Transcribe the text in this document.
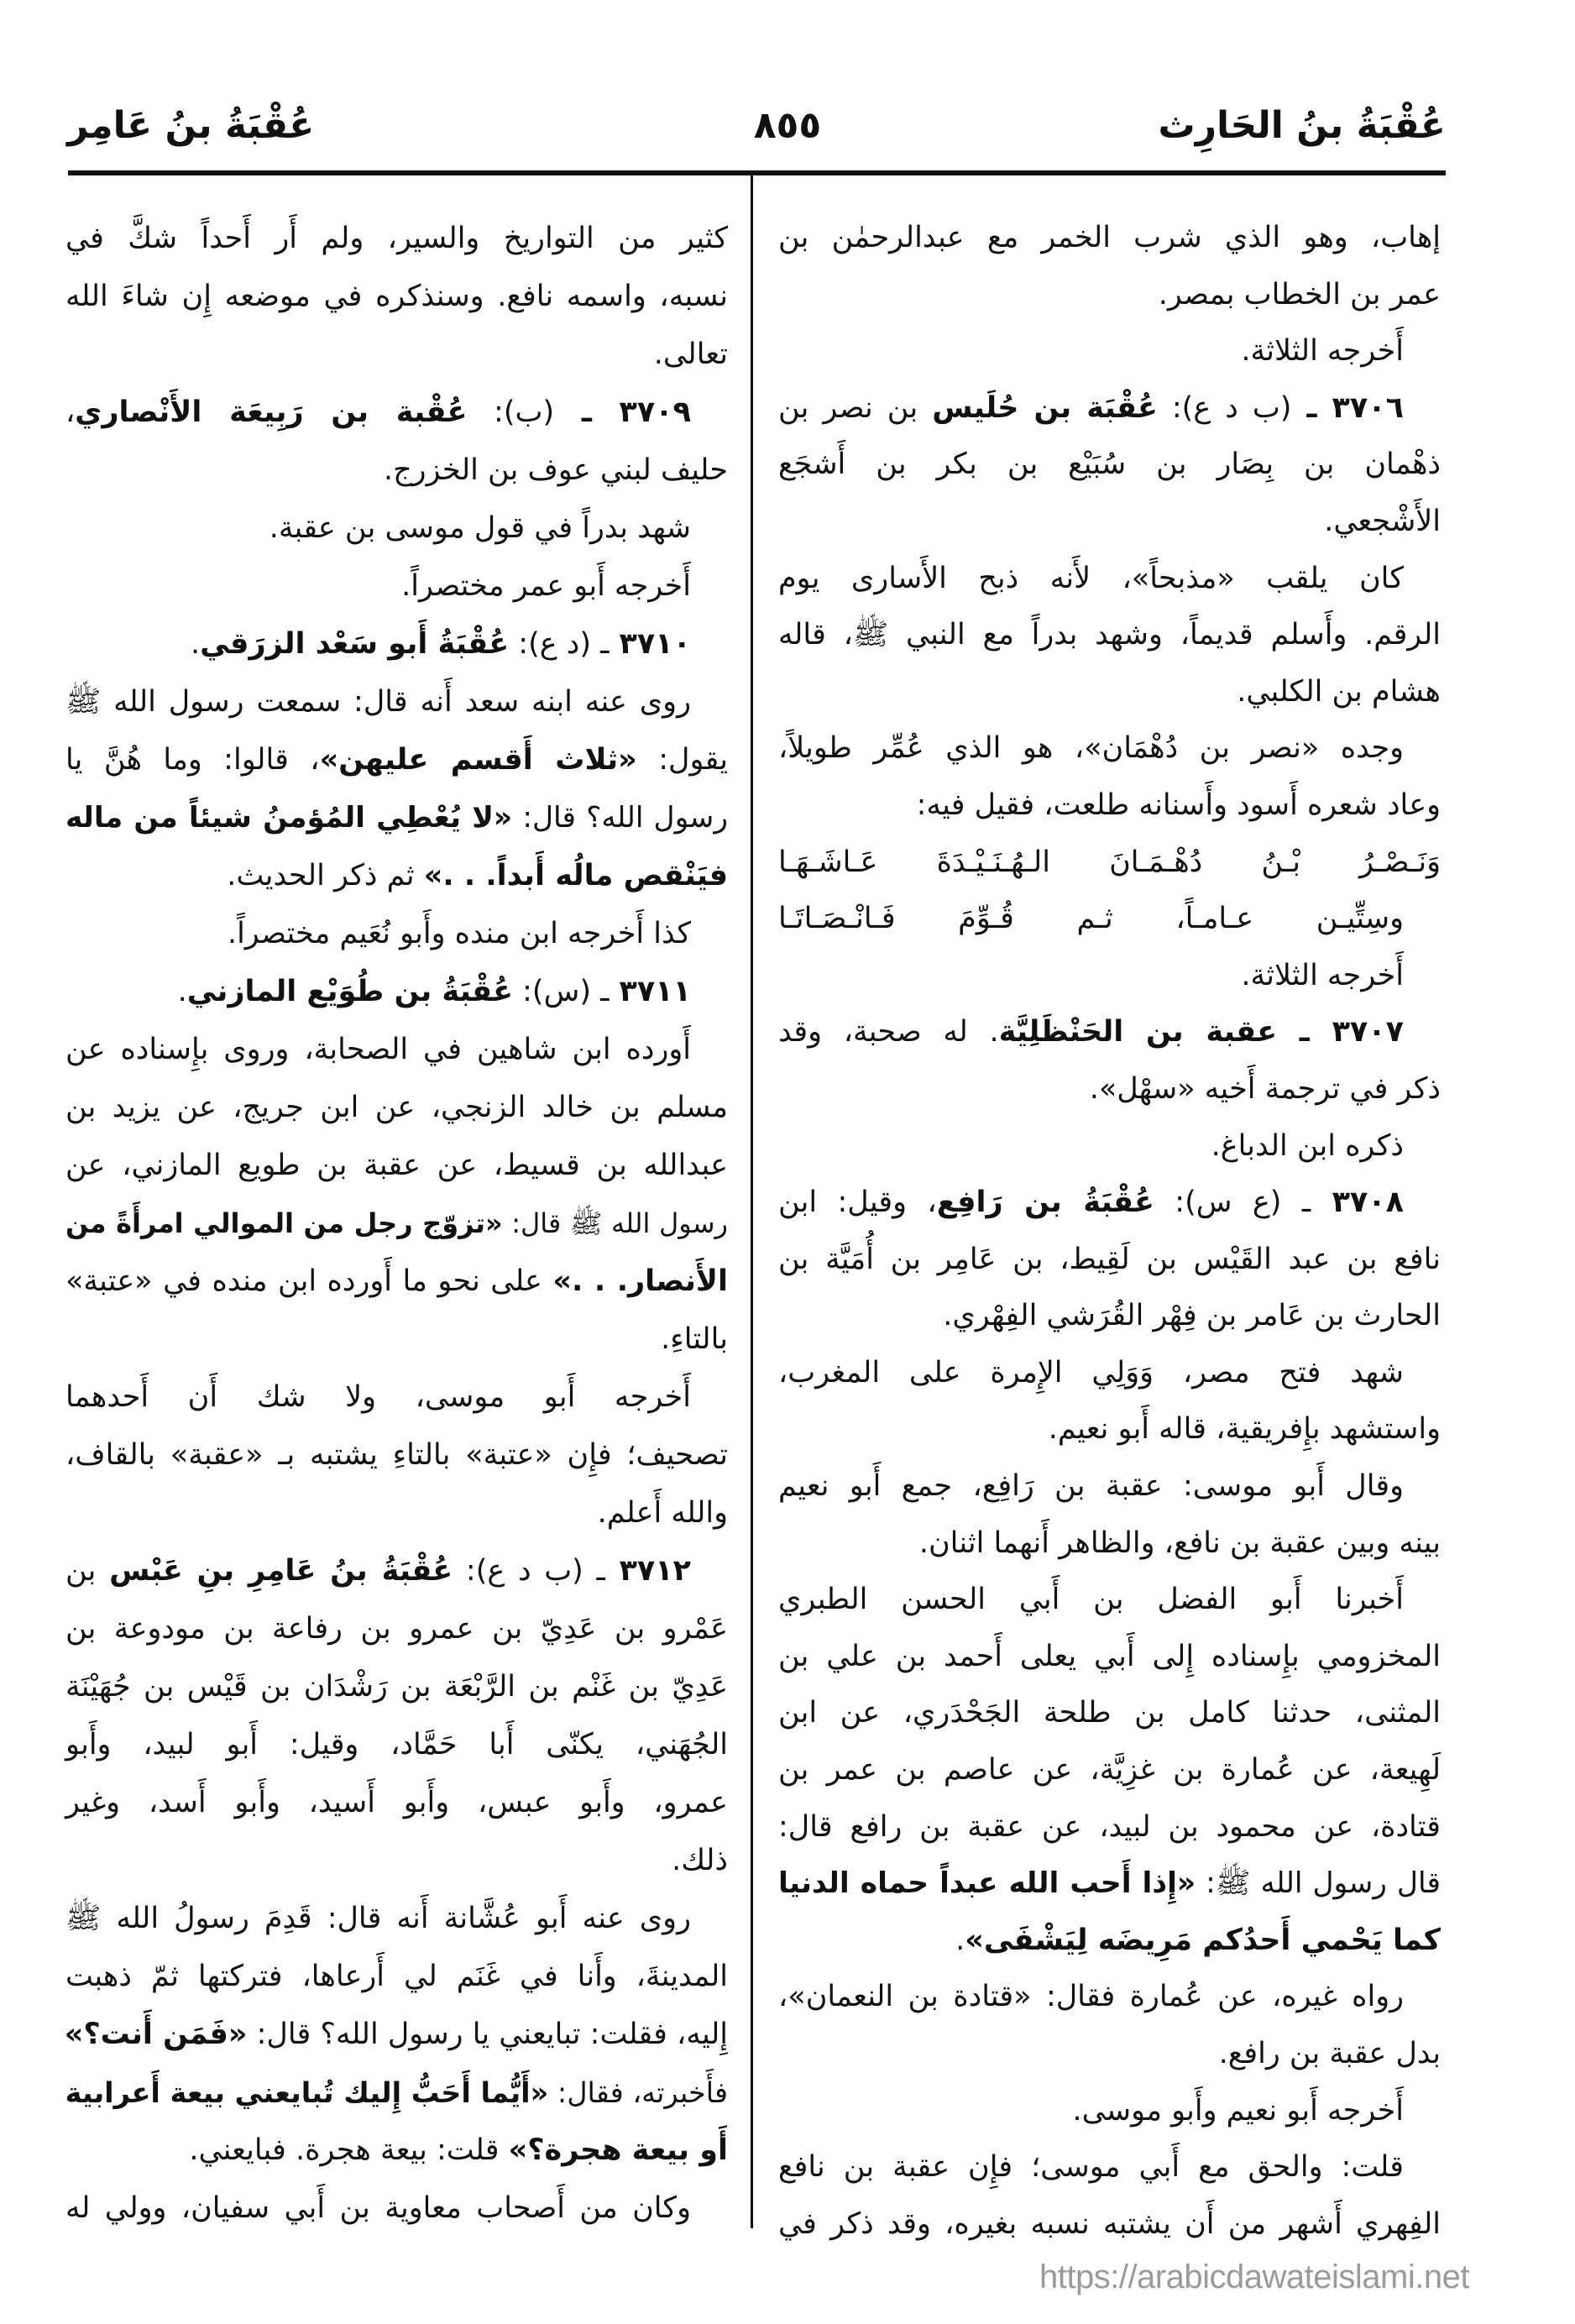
عُقْبَةُ بنُ الحَارِث
٨٥٥
عُقْبَةُ بنُ عَامِر
إهاب، وهو الذي شرب الخمر مع عبدالرحمٰن بن
عمر بن الخطاب بمصر.
أَخرجه الثلاثة.
٣٧٠٦ ـ (ب د ع): عُقْبَة بن حُلَيس بن نصر بن
ذهْمان بن بِصَار بن سُبَيْع بن بكر بن أَشجَع
الأَشْجعي.
كان يلقب «مذبحاً»، لأَنه ذبح الأَسارى يوم
الرقم. وأَسلم قديماً، وشهد بدراً مع النبي ﷺ، قاله
هشام بن الكلبي.
وجده «نصر بن دُهْمَان»، هو الذي عُمِّر طويلاً،
وعاد شعره أَسود وأَسنانه طلعت، فقيل فيه:
وَنَـصْـرُ بْـنُ دُهْـمَـانَ الـهُـنَـيْـدَةَ عَـاشَـهَـا
وسِتِّيـن عـامـاً، ثـم قُـوِّمَ فَـانْـصَـاتَـا
أَخرجه الثلاثة.
٣٧٠٧ ـ عقبة بن الحَنْظَلِيَّة. له صحبة، وقد
ذكر في ترجمة أَخيه «سهْل».
ذكره ابن الدباغ.
٣٧٠٨ ـ (ع س): عُقْبَةُ بن رَافِع، وقيل: ابن
نافع بن عبد القَيْس بن لَقِيط، بن عَامِر بن أُمَيَّة بن
الحارث بن عَامر بن فِهْر القُرَشي الفِهْري.
شهد فتح مصر، وَوَلِي الإِمرة على المغرب،
واستشهد بإِفريقية، قاله أَبو نعيم.
وقال أَبو موسى: عقبة بن رَافِع، جمع أَبو نعيم
بينه وبين عقبة بن نافع، والظاهر أَنهما اثنان.
أَخبرنا أَبو الفضل بن أَبي الحسن الطبري
المخزومي بإِسناده إِلى أَبي يعلى أَحمد بن علي بن
المثنى، حدثنا كامل بن طلحة الجَحْدَري، عن ابن
لَهِيعة، عن عُمارة بن غزِيَّة، عن عاصم بن عمر بن
قتادة، عن محمود بن لبيد، عن عقبة بن رافع قال:
قال رسول الله ﷺ: «إِذا أَحب الله عبداً حماه الدنيا
كما يَحْمي أَحدُكم مَرِيضَه لِيَشْفَى».
رواه غيره، عن عُمارة فقال: «قتادة بن النعمان»،
بدل عقبة بن رافع.
أَخرجه أَبو نعيم وأَبو موسى.
قلت: والحق مع أَبي موسى؛ فإِن عقبة بن نافع
الفِهري أَشهر من أَن يشتبه نسبه بغيره، وقد ذكر في
كثير من التواريخ والسير، ولم أَر أَحداً شكَّ في
نسبه، واسمه نافع. وسنذكره في موضعه إِن شاءَ الله
تعالى.
٣٧٠٩ ـ (ب): عُقْبة بن رَبِيعَة الأَنْصاري،
حليف لبني عوف بن الخزرج.
شهد بدراً في قول موسى بن عقبة.
أَخرجه أَبو عمر مختصراً.
٣٧١٠ ـ (د ع): عُقْبَةُ أَبو سَعْد الزرَقي.
روى عنه ابنه سعد أَنه قال: سمعت رسول الله ﷺ
يقول: «ثلاث أَقسم عليهن»، قالوا: وما هُنَّ يا
رسول الله؟ قال: «لا يُعْطِي المُؤمنُ شيئاً من ماله
فيَنْقص مالُه أَبداً. . .» ثم ذكر الحديث.
كذا أَخرجه ابن منده وأَبو نُعَيم مختصراً.
٣٧١١ ـ (س): عُقْبَةُ بن طُوَيْع المازني.
أَورده ابن شاهين في الصحابة، وروى بإِسناده عن
مسلم بن خالد الزنجي، عن ابن جريج، عن يزيد بن
عبدالله بن قسيط، عن عقبة بن طويع المازني، عن
رسول الله ﷺ قال: «تزوّج رجل من الموالي امرأَةً من
الأَنصار. . .» على نحو ما أَورده ابن منده في «عتبة»
بالتاءِ.
أَخرجه أَبو موسى، ولا شك أَن أَحدهما
تصحيف؛ فإِن «عتبة» بالتاءِ يشتبه بـ «عقبة» بالقاف،
والله أَعلم.
٣٧١٢ ـ (ب د ع): عُقْبَةُ بنُ عَامِرِ بنِ عَبْس بن
عَمْرو بن عَدِيّ بن عمرو بن رفاعة بن مودوعة بن
عَدِيّ بن غَنْم بن الرَّبْعَة بن رَشْدَان بن قَيْس بن جُهَيْنَة
الجُهَني، يكنّى أَبا حَمَّاد، وقيل: أَبو لبيد، وأَبو
عمرو، وأَبو عبس، وأَبو أَسيد، وأَبو أَسد، وغير
ذلك.
روى عنه أَبو عُشَّانة أَنه قال: قَدِمَ رسولُ الله ﷺ
المدينةَ، وأَنا في غَنَم لي أَرعاها، فتركتها ثمّ ذهبت
إِليه، فقلت: تبايعني يا رسول الله؟ قال: «فَمَن أَنت؟»
فأَخبرته، فقال: «أَيُّما أَحَبُّ إِليك تُبايعني بيعة أَعرابية
أَو بيعة هجرة؟» قلت: بيعة هجرة. فبايعني.
وكان من أَصحاب معاوية بن أَبي سفيان، وولي له
https://arabicdawateislami.net
